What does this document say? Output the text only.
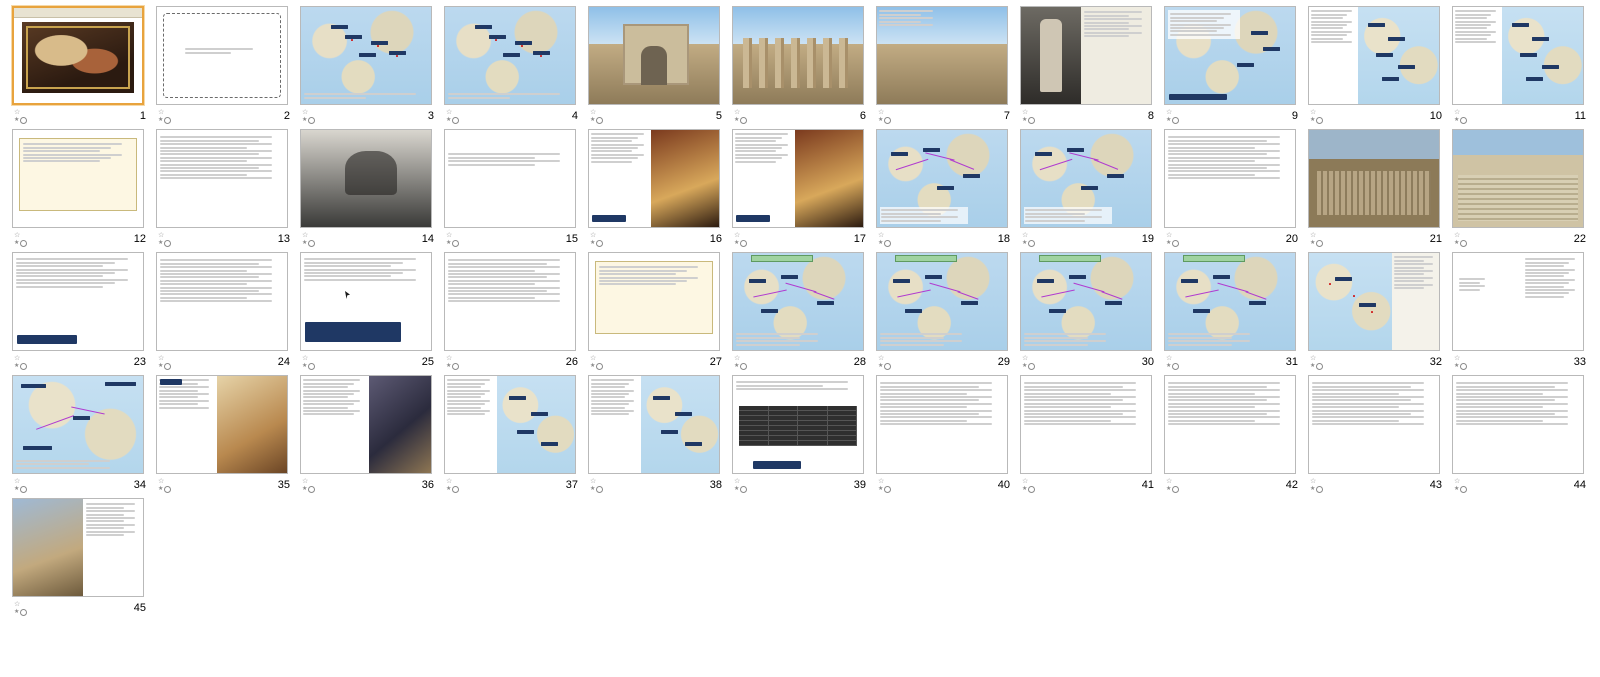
☆
★	1	☆
★	2	☆
★	3	☆
★	4	☆
★	5	☆
★	6	☆
★	7	☆
★	8	☆
★	9	☆
★	10	☆
★	11
☆
★	12	☆
★	13	☆
★	14	☆
★	15	☆
★	16	☆
★	17	☆
★	18	☆
★	19	☆
★	20	☆
★	21	☆
★	22
☆
★	23	☆
★	24	☆
★	25	☆
★	26	☆
★	27	☆
★	28	☆
★	29	☆
★	30	☆
★	31	☆
★	32	☆
★	33
☆
★	34	☆
★	35	☆
★	36	☆
★	37	☆
★	38	☆
★	39	☆
★	40	☆
★	41	☆
★	42	☆
★	43	☆
★	44
☆
★	45
